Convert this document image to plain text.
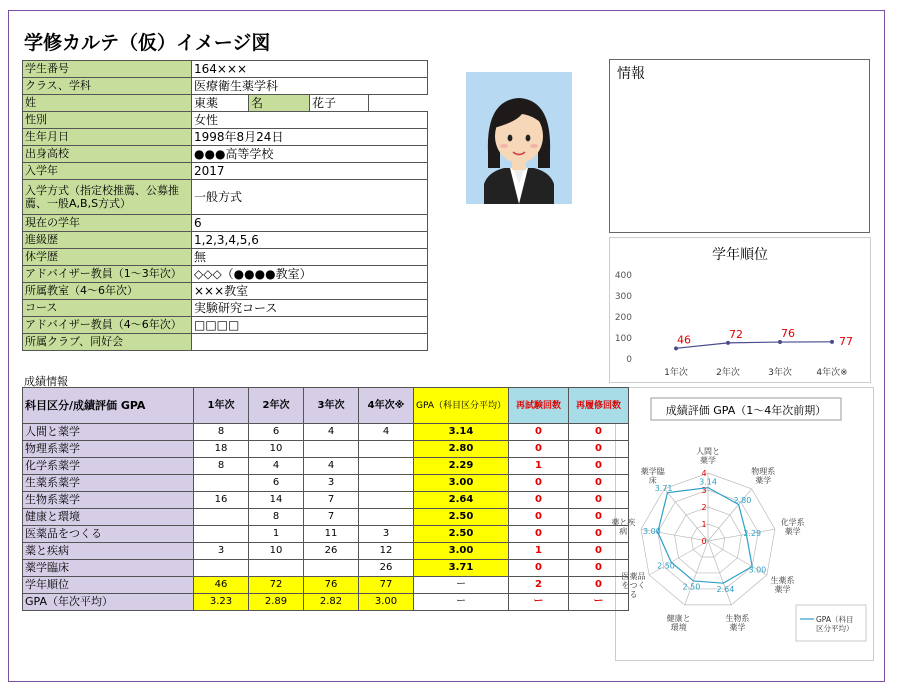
学修カルテ（仮）イメージ図
学生番号	164×××			
クラス、学科	医療衛生薬学科			
姓	東薬	名	花子	
性別	女性			
生年月日	1998年8月24日			
出身高校	●●●高等学校			
入学年	2017			
入学方式（指定校推薦、公募推薦、一般A,B,S方式）	一般方式			
現在の学年	6			
進級歴	1,2,3,4,5,6			
休学歴	無			
アドバイザー教員（1～3年次）	◇◇◇（●●●●教室）			
所属教室（4～6年次）	×××教室			
コース	実験研究コース			
アドバイザー教員（4～6年次）	□□□□			
所属クラブ、同好会				
情報
学年順位
0
100
200
300
400
1年次	2年次	3年次	4年次※
46	72	76
77
成績評価 GPA（1～4年次前期）
0
1
2
3
4
3.14
2.80
2.29
3.00
2.64
2.50
2.50
3.00
3.71
人間と薬学
物理系薬学
化学系薬学
生薬系薬学
生物系薬学
健康と環境
医薬品をつくる
薬と疾病
薬学臨床
GPA（科目区分平均）
成績情報
科目区分/成績評価 GPA	1年次	2年次	3年次	4年次※	GPA（科目区分平均）	再試験回数	再履修回数
人間と薬学	8	6	4	4	3.14	0	0
物理系薬学	18	10			2.80	0	0
化学系薬学	8	4	4		2.29	1	0
生薬系薬学		6	3		3.00	0	0
生物系薬学	16	14	7		2.64	0	0
健康と環境		8	7		2.50	0	0
医薬品をつくる		1	11	3	2.50	0	0
薬と疾病	3	10	26	12	3.00	1	0
薬学臨床				26	3.71	0	0
学年順位	46	72	76	77	ー	2	0
GPA（年次平均）	3.23	2.89	2.82	3.00	ー	ー	ー
